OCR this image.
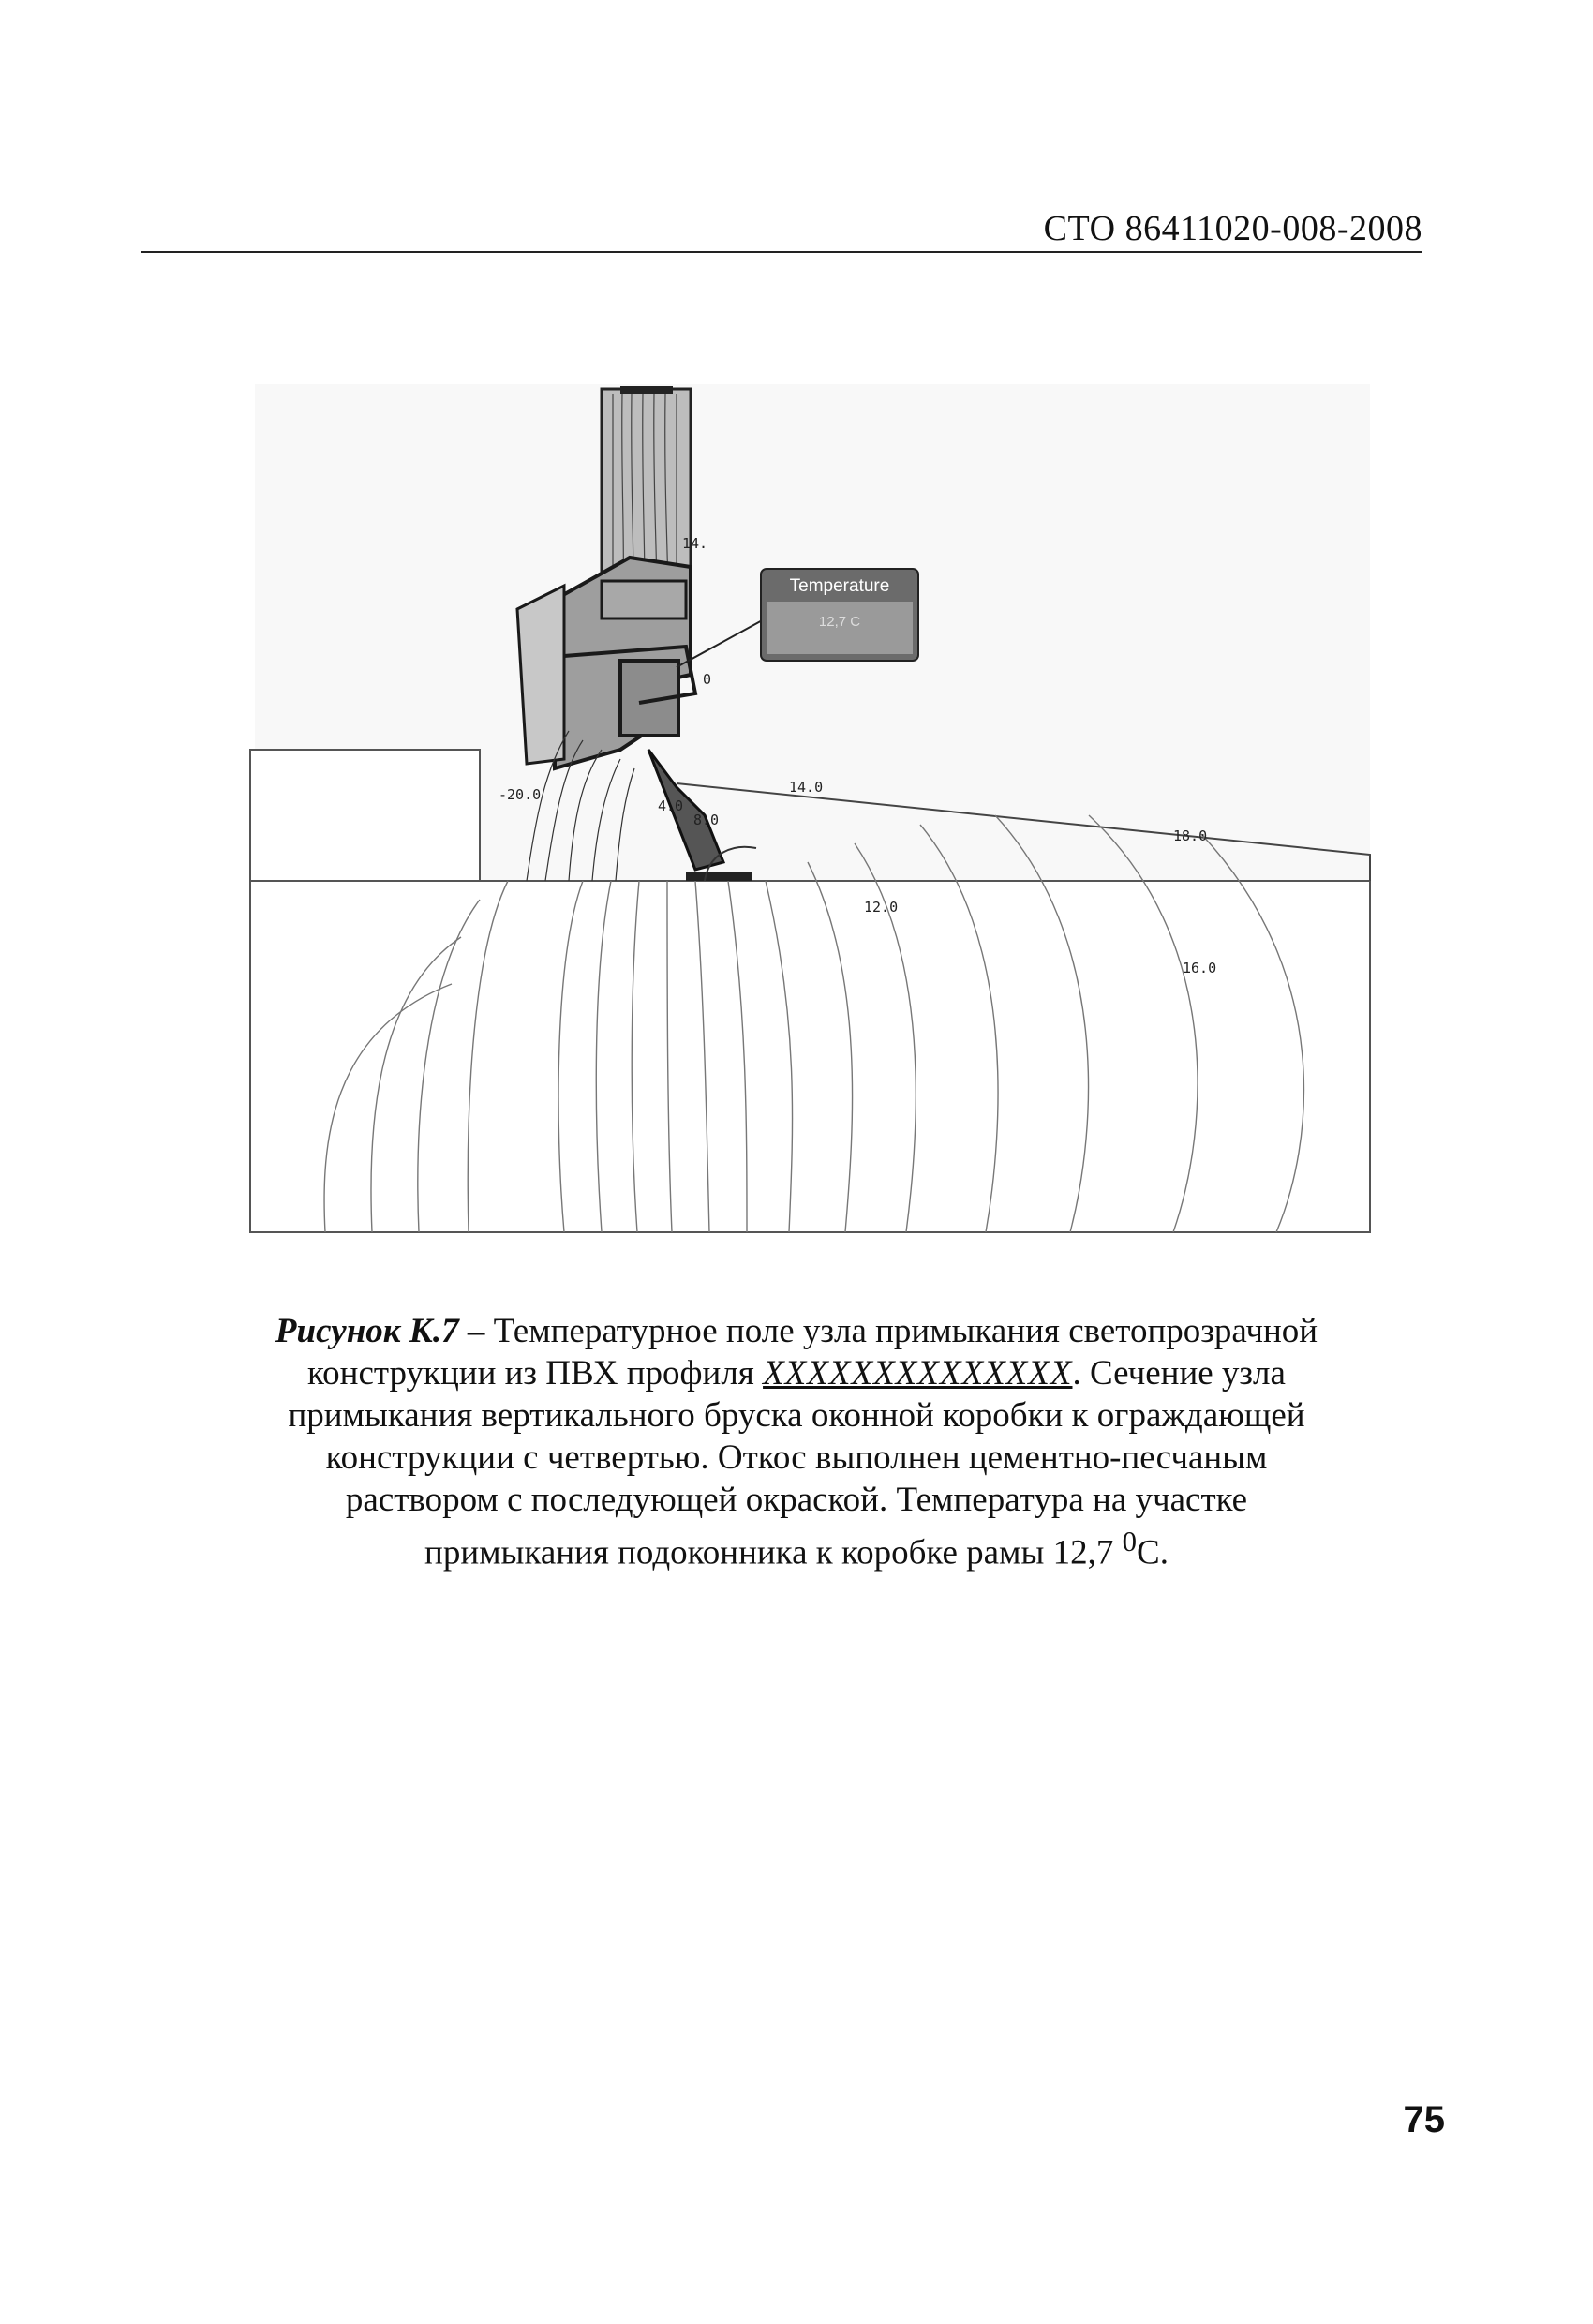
СТО 86411020-008-2008
Temperature
12,7 C
14.
14.0
18.0
12.0
16.0
-20.0
4.0
8.0
0
Рисунок К.7 – Температурное поле узла примыкания светопрозрачной конструкции из ПВХ профиля XXXXXXXXXXXXXX. Сечение узла примыкания вертикального бруска оконной коробки к ограждающей конструкции с четвертью. Откос выполнен цементно-песчаным раствором с последующей окраской. Температура на участке примыкания подоконника к коробке рамы 12,7 $^0$С.
75
